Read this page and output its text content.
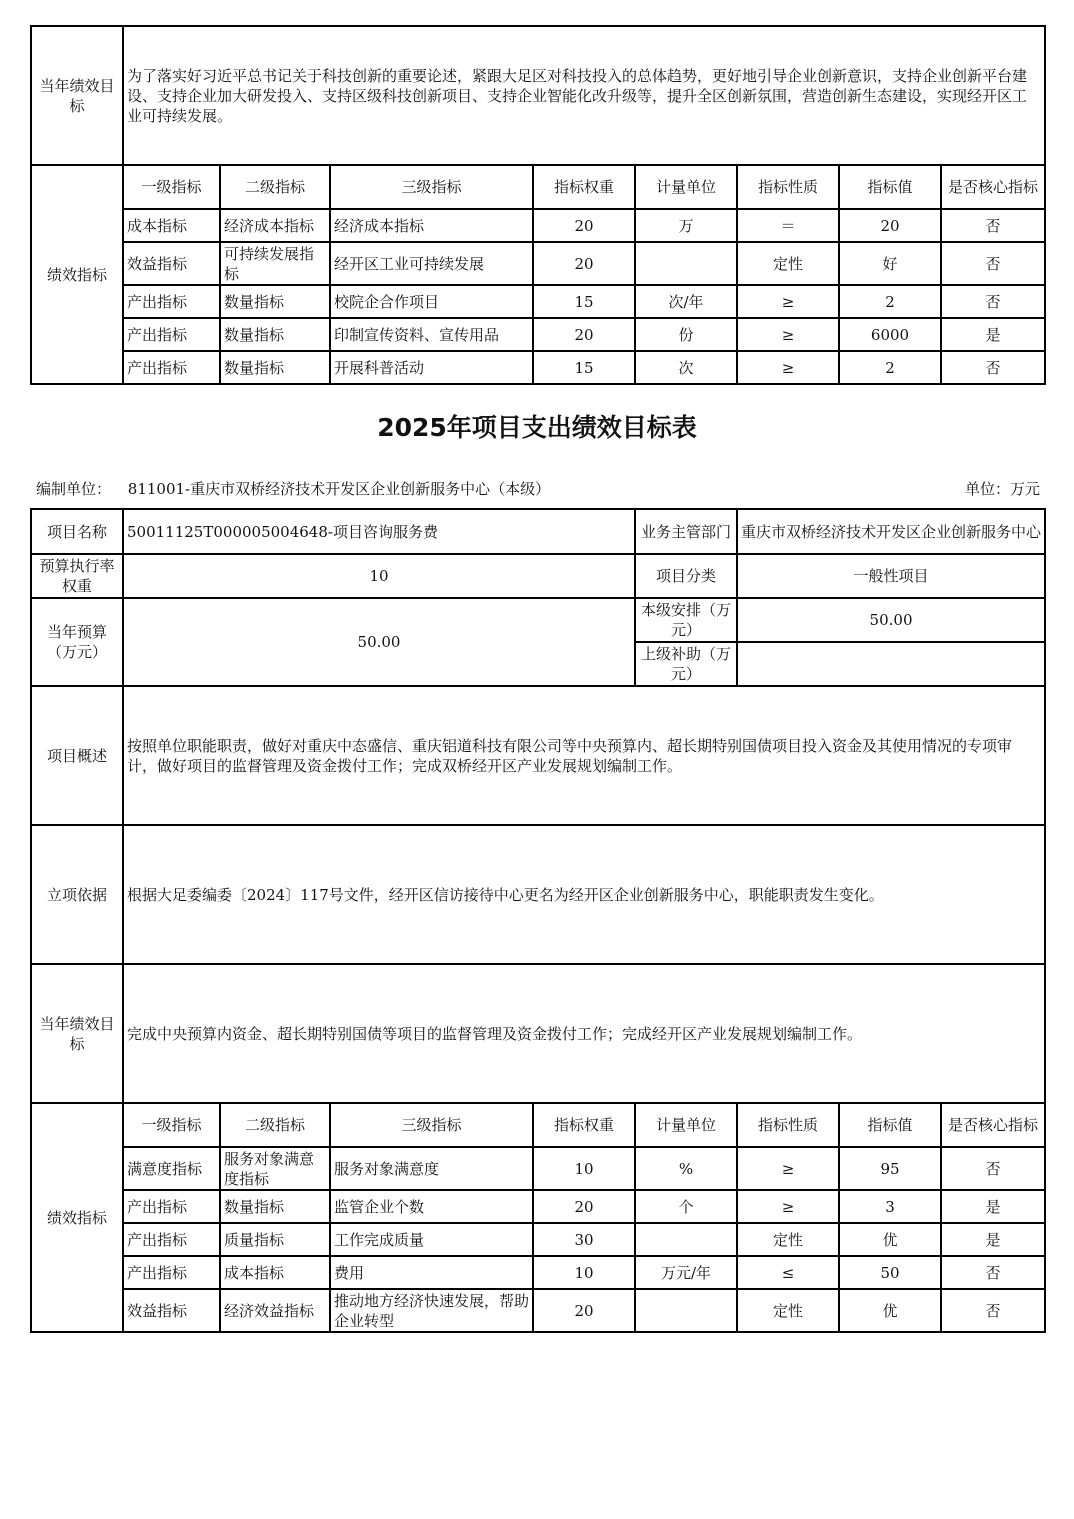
当年绩效目标	为了落实好习近平总书记关于科技创新的重要论述，紧跟大足区对科技投入的总体趋势，更好地引导企业创新意识，支持企业创新平台建设、支持企业加大研发投入、支持区级科技创新项目、支持企业智能化改升级等，提升全区创新氛围，营造创新生态建设，实现经开区工业可持续发展。							
绩效指标	一级指标	二级指标	三级指标	指标权重	计量单位	指标性质	指标值	是否核心指标
	成本指标	经济成本指标	经济成本指标	20	万	＝	20	否
	效益指标	可持续发展指标	经开区工业可持续发展	20		定性	好	否
	产出指标	数量指标	校院企合作项目	15	次/年	≥	2	否
	产出指标	数量指标	印制宣传资料、宣传用品	20	份	≥	6000	是
	产出指标	数量指标	开展科普活动	15	次	≥	2	否
2025年项目支出绩效目标表
编制单位： 811001-重庆市双桥经济技术开发区企业创新服务中心（本级）	单位：万元
项目名称	50011125T000005004648-项目咨询服务费				业务主管部门	重庆市双桥经济技术开发区企业创新服务中心		
预算执行率权重	10				项目分类	一般性项目		
当年预算（万元）	50.00				本级安排（万元）	50.00		
					上级补助（万元）			
项目概述	按照单位职能职责，做好对重庆中态盛信、重庆铝道科技有限公司等中央预算内、超长期特别国债项目投入资金及其使用情况的专项审计，做好项目的监督管理及资金拨付工作；完成双桥经开区产业发展规划编制工作。							
立项依据	根据大足委编委〔2024〕117号文件，经开区信访接待中心更名为经开区企业创新服务中心，职能职责发生变化。							
当年绩效目标	完成中央预算内资金、超长期特别国债等项目的监督管理及资金拨付工作；完成经开区产业发展规划编制工作。							
绩效指标	一级指标	二级指标	三级指标	指标权重	计量单位	指标性质	指标值	是否核心指标
	满意度指标	服务对象满意度指标	服务对象满意度	10	%	≥	95	否
	产出指标	数量指标	监管企业个数	20	个	≥	3	是
	产出指标	质量指标	工作完成质量	30		定性	优	是
	产出指标	成本指标	费用	10	万元/年	≤	50	否
	效益指标	经济效益指标	推动地方经济快速发展，帮助企业转型	20		定性	优	否
